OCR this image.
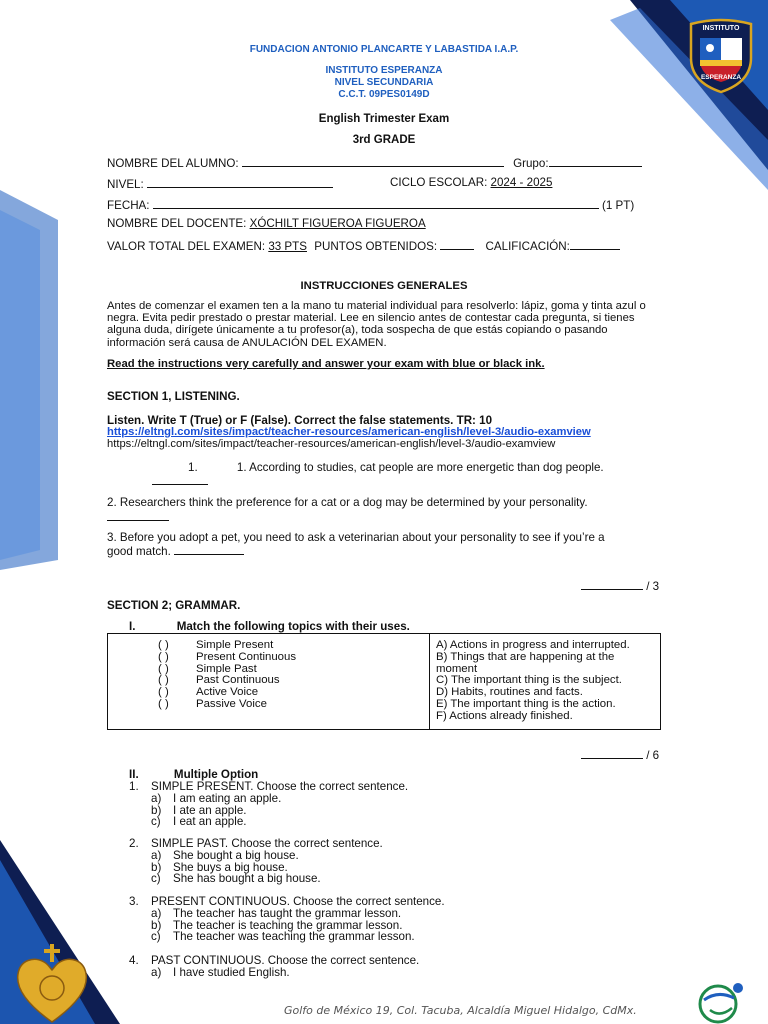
INSTITUTO
ESPERANZA
FUNDACION ANTONIO PLANCARTE Y LABASTIDA I.A.P.
INSTITUTO ESPERANZA
NIVEL SECUNDARIA
C.C.T. 09PES0149D
English Trimester Exam
3rd GRADE
NOMBRE DEL ALUMNO:	Grupo:
NIVEL:	CICLO ESCOLAR: 2024 - 2025
FECHA:	(1 PT)
NOMBRE DEL DOCENTE: XÓCHILT FIGUEROA FIGUEROA
VALOR TOTAL DEL EXAMEN: 33 PTS PUNTOS OBTENIDOS:	CALIFICACIÓN:
INSTRUCCIONES GENERALES
Antes de comenzar el examen ten a la mano tu material individual para resolverlo: lápiz, goma y tinta azul o negra. Evita pedir prestado o prestar material. Lee en silencio antes de contestar cada pregunta, si tienes alguna duda, dirígete únicamente a tu profesor(a), toda sospecha de que estás copiando o pasando información será causa de ANULACIÓN DEL EXAMEN.
Read the instructions very carefully and answer your exam with blue or black ink.
SECTION 1, LISTENING.
Listen. Write T (True) or F (False). Correct the false statements. TR: 10
https://eltngl.com/sites/impact/teacher-resources/american-english/level-3/audio-examview
https://eltngl.com/sites/impact/teacher-resources/american-english/level-3/audio-examview
1.	1. According to studies, cat people are more energetic than dog people.
2. Researchers think the preference for a cat or a dog may be determined by your personality.
3. Before you adopt a pet, you need to ask a veterinarian about your personality to see if you’re a
good match.
/ 3
SECTION 2; GRAMMAR.
I.	Match the following topics with their uses.
( ) Simple Present
( ) Present Continuous
( ) Simple Past
( ) Past Continuous
( ) Active Voice
( ) Passive Voice

A) Actions in progress and interrupted.
B) Things that are happening at the moment
C) The important thing is the subject.
D) Habits, routines and facts.
E) The important thing is the action.
F) Actions already finished.
/ 6
II.	Multiple Option
1. SIMPLE PRESENT. Choose the correct sentence.
a) I am eating an apple.
b) I ate an apple.
c) I eat an apple.
2. SIMPLE PAST. Choose the correct sentence.
a) She bought a big house.
b) She buys a big house.
c) She has bought a big house.
3. PRESENT CONTINUOUS. Choose the correct sentence.
a) The teacher has taught the grammar lesson.
b) The teacher is teaching the grammar lesson.
c) The teacher was teaching the grammar lesson.
4. PAST CONTINUOUS. Choose the correct sentence.
a) I have studied English.
Golfo de México 19, Col. Tacuba, Alcaldía Miguel Hidalgo, CdMx.
